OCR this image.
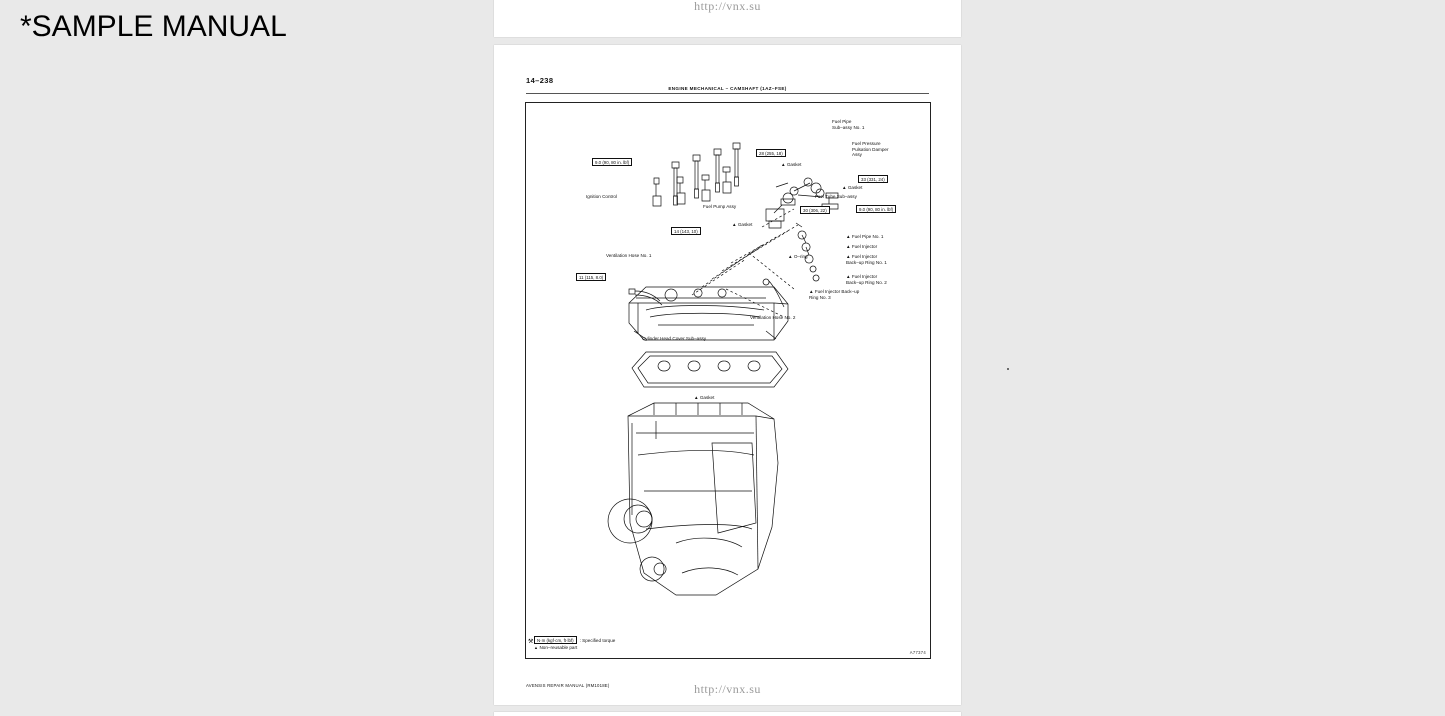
*SAMPLE MANUAL
http://vnx.su
14–238
ENGINE MECHANICAL – CAMSHAFT (1AZ–FSE)
9.0 (90, 80 in. lbf)
28 (255, 18)
33 (331, 24)
30 (306, 22)	9.0 (90, 80 in. lbf)
14 (143, 10)
11 (115, 8.0)
Fuel Pipe
Sub–assy No. 1
Fuel Pressure
Pulsation Damper
Assy
▲ Gasket
▲ Gasket
Fuel Tube Sub–assy
Ignition Control
Fuel Pump Assy
▲ Gasket
▲ Fuel Pipe No. 1
▲ Fuel Injector
▲ Fuel Injector
Back–up Ring No. 1
▲ Fuel Injector
Back–up Ring No. 2
▲ Fuel Injector Back–up
Ring No. 3
▲ O–ring
Ventilation Hose No. 1
Ventilation Hose No. 2
Cylinder Head Cover Sub–assy
▲ Gasket
N·m (kgf·cm, ft·lbf)	: Specified torque
▲ Non–reusable part
⚒
A77374
AVENSIS REPAIR MANUAL (RM1018E)	http://vnx.su
